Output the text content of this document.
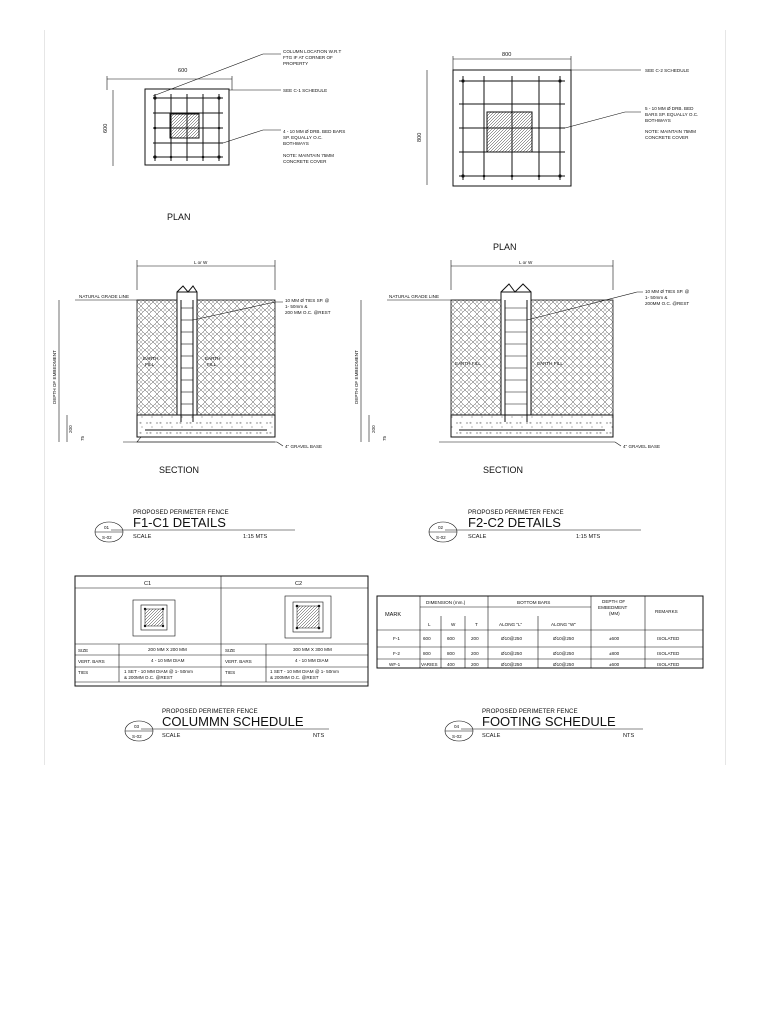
600
600
COLUMN LOCATION W.R.T
FTG IF AT CORNER OF
PROPERTY
SEE C-1 SCHEDULE
4 - 10 MM Ø DRB. BED BARS
SP. EQUALLY O.C.
BOTHWAYS
NOTE: MAINTAIN 75MM
CONCRETE COVER
PLAN
800
800
SEE C-2 SCHEDULE
5 - 10 MM Ø DRB. BED
BARS SP. EQUALLY O.C.
BOTHWAYS
NOTE: MAINTAIN 75MM
CONCRETE COVER
PLAN
L or W
NATURAL GRADE LINE
DEPTH OF EMBEDMENT
200
75
EARTH
FILL
EARTH
FILL
10 MM Ø TIES SP. @
1- 50mm &
200 MM O.C. @REST
4" GRAVEL BASE
SECTION
L or W
NATURAL GRADE LINE
DEPTH OF EMBEDMENT
200
75
EARTH FILL	EARTH FILL
10 MM Ø TIES SP. @
1- 50mm &
200MM O.C. @REST
4" GRAVEL BASE
SECTION
PROPOSED PERIMETER FENCE
F1-C1 DETAILS
01
S-02	SCALE	1:15 MTS
PROPOSED PERIMETER FENCE
F2-C2 DETAILS
02
S-02	SCALE	1:15 MTS
PROPOSED PERIMETER FENCE
COLUMMN SCHEDULE
03
S-02	SCALE	NTS
PROPOSED PERIMETER FENCE
FOOTING SCHEDULE
04
S-02	SCALE	NTS
C1	C2
SIZE	200 MM X 200 MM	SIZE	300 MM X 300 MM
VERT. BARS	4 - 10 MM DIAM	VERT. BARS	4 - 10 MM DIAM
TIES	1 SET - 10 MM DIAM @ 1- 50mm
& 200MM O.C. @REST
TIES	1 SET - 10 MM DIAM @ 1- 50mm
& 200MM O.C. @REST
MARK
DIMENSION (mm.)	BOTTOM BARS	DEPTH OF
EMBEDMENT
(MM)	REMARKS
L	W	T	ALONG "L"	ALONG "W"
F-1	600	600	200	Ø10@250	Ø10@250	±600	ISOLATED
F-2	800	800	200	Ø10@250	Ø10@250	±800	ISOLATED
WF-1	VARIES 400	200	Ø10@250	Ø10@250	±600	ISOLATED
